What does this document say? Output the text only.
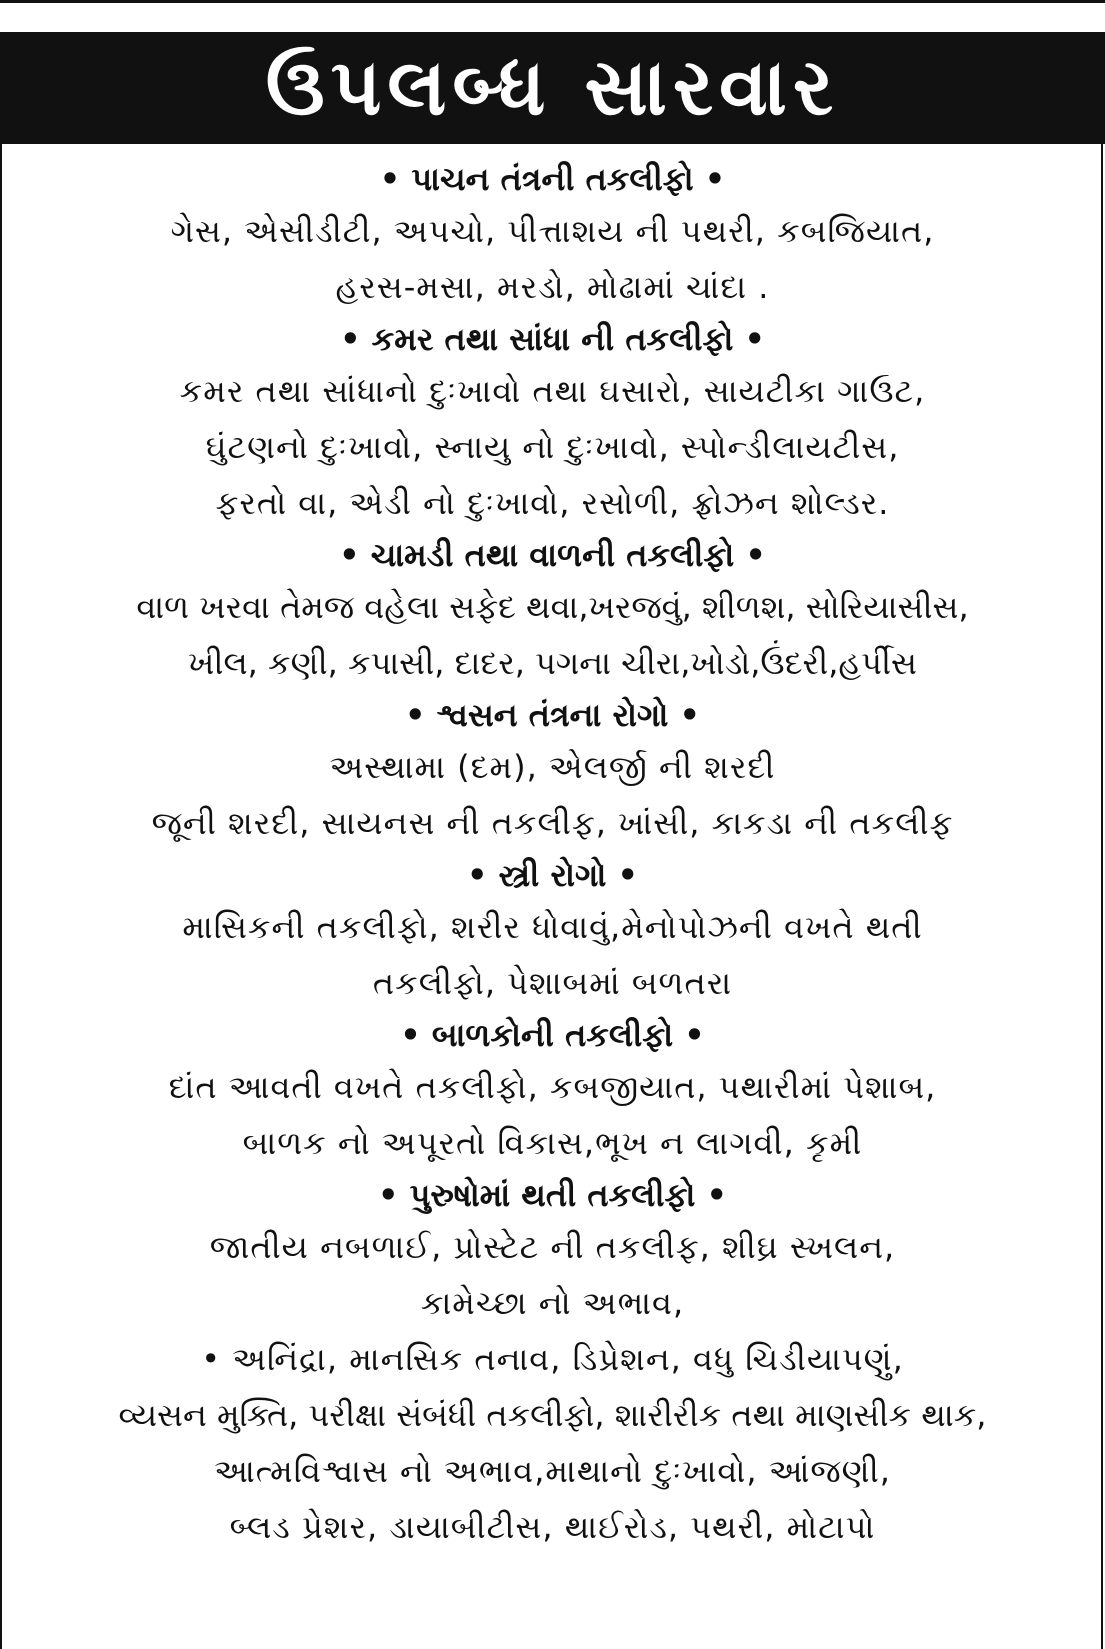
ઉપલબ્ધ સારવાર
• પાચન તંત્રની તકલીફો •
ગેસ, એસીડીટી, અપચો, પીત્તાશય ની પથરી, કબજિયાત,
હરસ-મસા, મરડો, મોઢામાં ચાંદા .
• કમર તથા સાંધા ની તકલીફો •
કમર તથા સાંધાનો દુઃખાવો તથા ઘસારો, સાયટીકા ગાઉટ,
ઘુંટણનો દુઃખાવો, સ્નાયુ નો દુઃખાવો, સ્પોન્ડીલાયટીસ,
ફરતો વા, એડી નો દુઃખાવો, રસોળી, ફ્રોઝન શોલ્ડર.
• ચામડી તથા વાળની તકલીફો •
વાળ ખરવા તેમજ વહેલા સફેદ થવા,ખરજવું, શીળશ, સોરિયાસીસ,
ખીલ, કણી, કપાસી, દાદર, પગના ચીરા,ખોડો,ઉંદરી,હર્પીસ
• શ્વસન તંત્રના રોગો •
અસ્થામા (દમ), એલર્જી ની શરદી
જૂની શરદી, સાયનસ ની તકલીફ, ખાંસી, કાકડા ની તકલીફ
• સ્ત્રી રોગો •
માસિકની તકલીફો, શરીર ધોવાવું,મેનોપોઝની વખતે થતી
તકલીફો, પેશાબમાં બળતરા
• બાળકોની તકલીફો •
દાંત આવતી વખતે તકલીફો, કબજીયાત, પથારીમાં પેશાબ,
બાળક નો અપૂરતો વિકાસ,ભૂખ ન લાગવી, કૃમી
• પુરુષોમાં થતી તકલીફો •
જાતીય નબળાઈ, પ્રોસ્ટેટ ની તકલીફ, શીઘ્ર સ્ખલન,
કામેચ્છા નો અભાવ,
• અનિંદ્રા, માનસિક તનાવ, ડિપ્રેશન, વધુ ચિડીયાપણું,
વ્યસન મુક્તિ, પરીક્ષા સંબંધી તકલીફો, શારીરીક તથા માણસીક થાક,
આત્મવિશ્વાસ નો અભાવ,માથાનો દુઃખાવો, આંજણી,
બ્લડ પ્રેશર, ડાયાબીટીસ, થાઈરોડ, પથરી, મોટાપો
